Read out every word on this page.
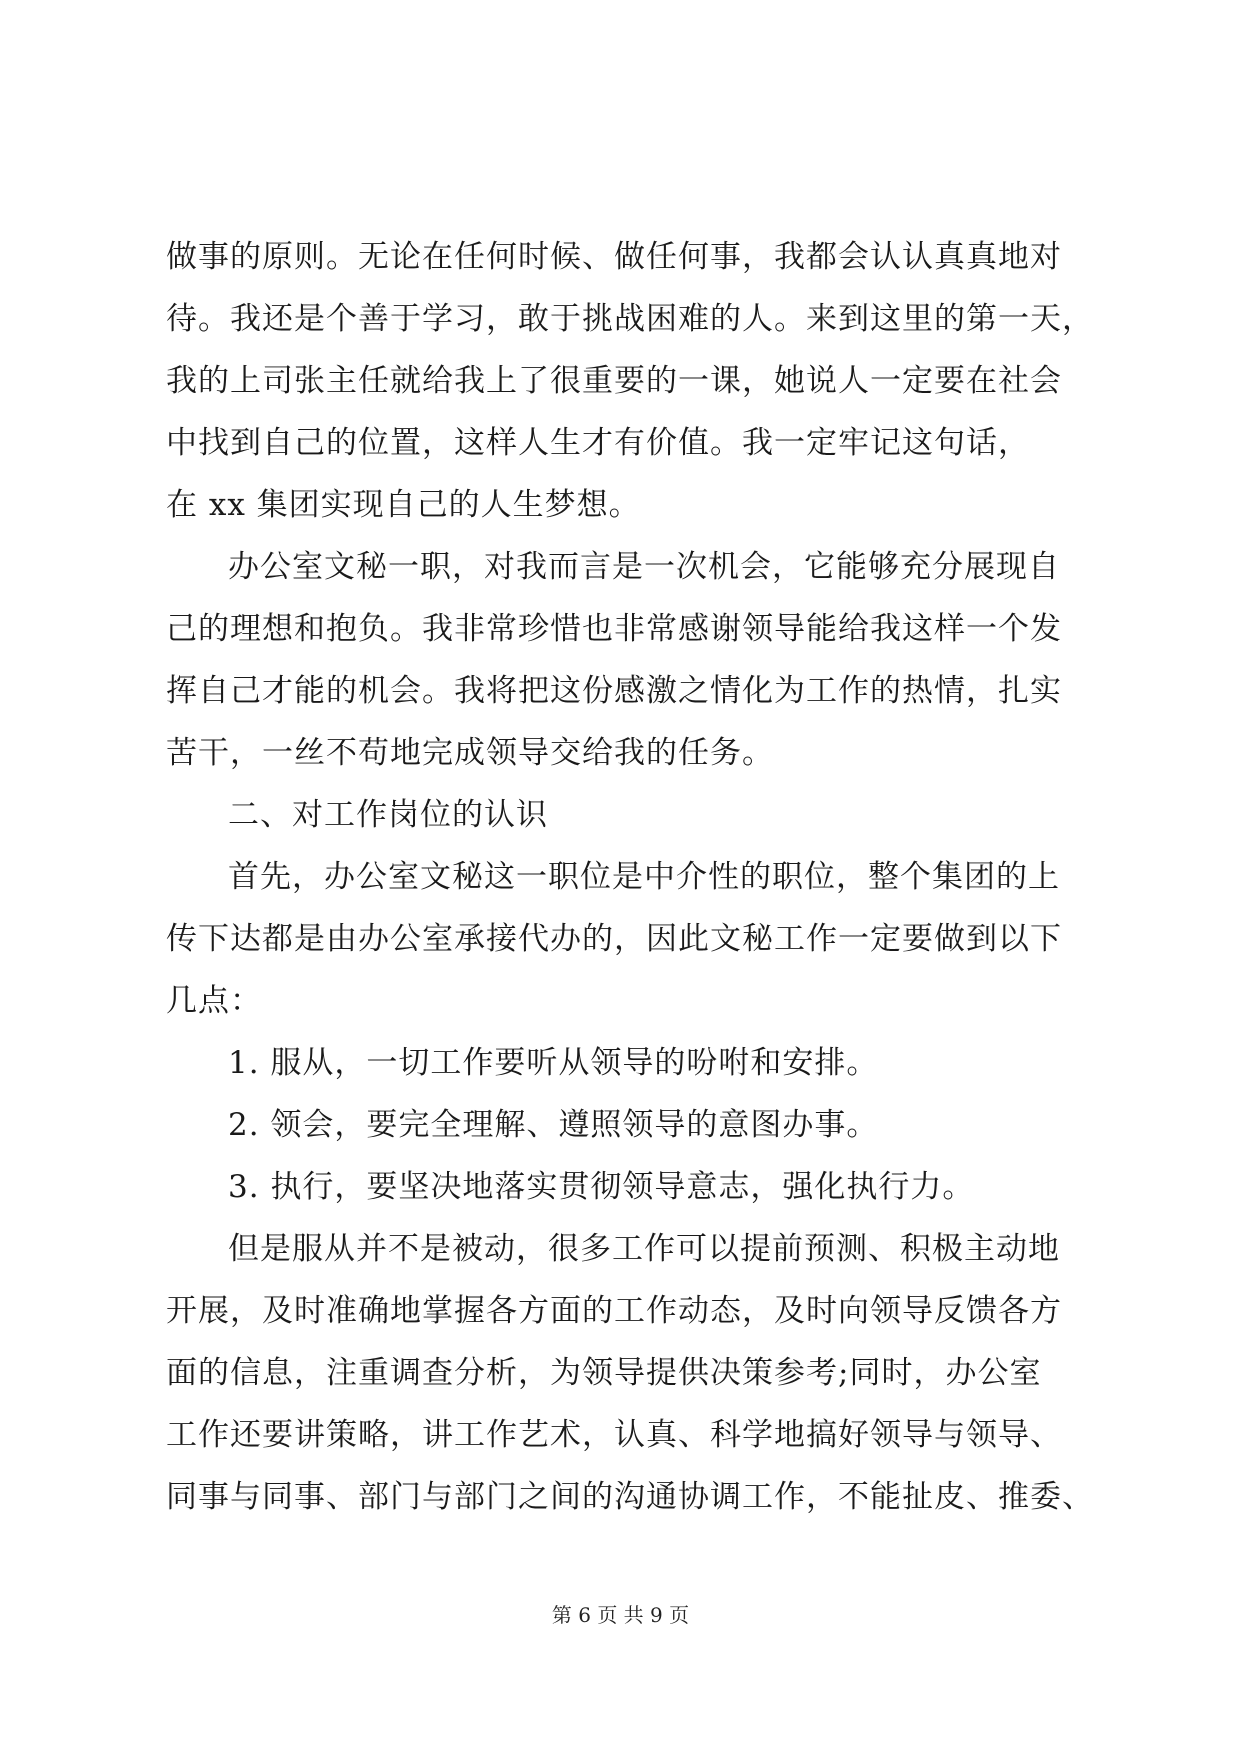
做事的原则。无论在任何时候、做任何事，我都会认认真真地对
待。我还是个善于学习，敢于挑战困难的人。来到这里的第一天，
我的上司张主任就给我上了很重要的一课，她说人一定要在社会
中找到自己的位置，这样人生才有价值。我一定牢记这句话，
在 xx 集团实现自己的人生梦想。
办公室文秘一职，对我而言是一次机会，它能够充分展现自
己的理想和抱负。我非常珍惜也非常感谢领导能给我这样一个发
挥自己才能的机会。我将把这份感激之情化为工作的热情，扎实
苦干，一丝不苟地完成领导交给我的任务。
二、对工作岗位的认识
首先，办公室文秘这一职位是中介性的职位，整个集团的上
传下达都是由办公室承接代办的，因此文秘工作一定要做到以下
几点：
1. 服从，一切工作要听从领导的吩咐和安排。
2. 领会，要完全理解、遵照领导的意图办事。
3. 执行，要坚决地落实贯彻领导意志，强化执行力。
但是服从并不是被动，很多工作可以提前预测、积极主动地
开展，及时准确地掌握各方面的工作动态，及时向领导反馈各方
面的信息，注重调查分析，为领导提供决策参考;同时，办公室
工作还要讲策略，讲工作艺术，认真、科学地搞好领导与领导、
同事与同事、部门与部门之间的沟通协调工作，不能扯皮、推委、
第 6 页 共 9 页
